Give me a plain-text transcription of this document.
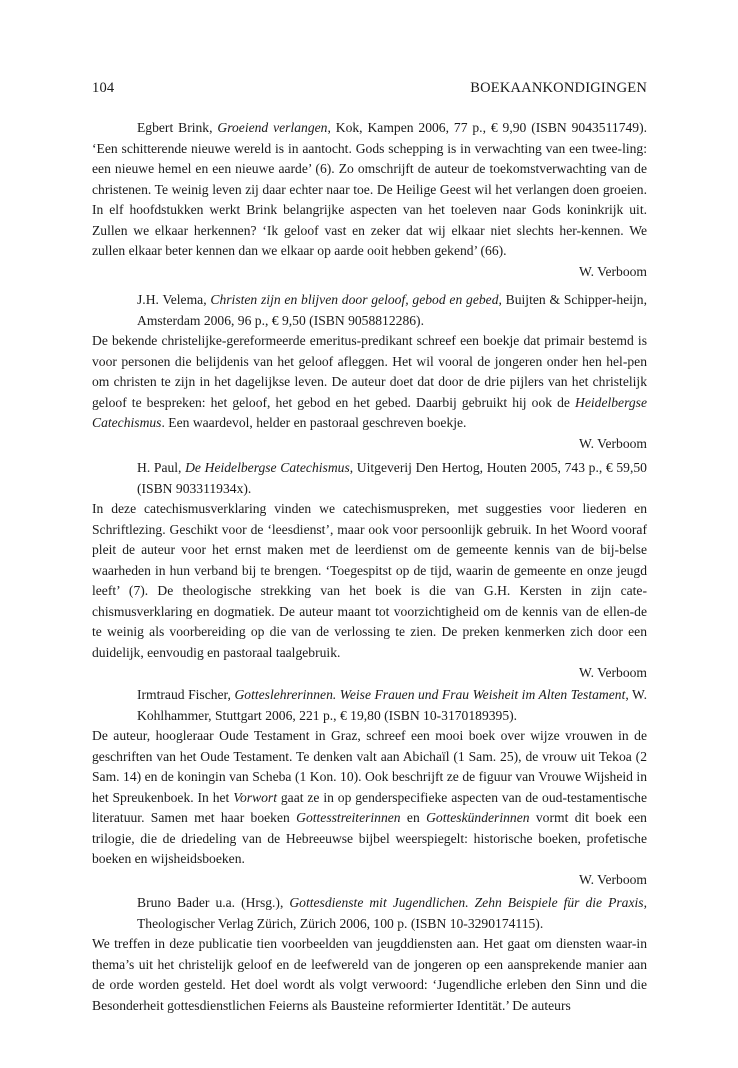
104	BOEKAANKONDIGINGEN
Egbert Brink, Groeiend verlangen, Kok, Kampen 2006, 77 p., € 9,90 (ISBN 9043511749). ‘Een schitterende nieuwe wereld is in aantocht. Gods schepping is in verwachting van een twee-ling: een nieuwe hemel en een nieuwe aarde’ (6). Zo omschrijft de auteur de toekomstverwachting van de christenen. Te weinig leven zij daar echter naar toe. De Heilige Geest wil het verlangen doen groeien. In elf hoofdstukken werkt Brink belangrijke aspecten van het toeleven naar Gods koninkrijk uit. Zullen we elkaar herkennen? ‘Ik geloof vast en zeker dat wij elkaar niet slechts her-kennen. We zullen elkaar beter kennen dan we elkaar op aarde ooit hebben gekend’ (66).
W. Verboom
J.H. Velema, Christen zijn en blijven door geloof, gebod en gebed, Buijten & Schipper-heijn, Amsterdam 2006, 96 p., € 9,50 (ISBN 9058812286).
De bekende christelijke-gereformeerde emeritus-predikant schreef een boekje dat primair bestemd is voor personen die belijdenis van het geloof afleggen. Het wil vooral de jongeren onder hen hel-pen om christen te zijn in het dagelijkse leven. De auteur doet dat door de drie pijlers van het christelijk geloof te bespreken: het geloof, het gebod en het gebed. Daarbij gebruikt hij ook de Heidelbergse Catechismus. Een waardevol, helder en pastoraal geschreven boekje.
W. Verboom
H. Paul, De Heidelbergse Catechismus, Uitgeverij Den Hertog, Houten 2005, 743 p., € 59,50 (ISBN 903311934x).
In deze catechismusverklaring vinden we catechismuspreken, met suggesties voor liederen en Schriftlezing. Geschikt voor de ‘leesdienst’, maar ook voor persoonlijk gebruik. In het Woord vooraf pleit de auteur voor het ernst maken met de leerdienst om de gemeente kennis van de bij-belse waarheden in hun verband bij te brengen. ‘Toegespitst op de tijd, waarin de gemeente en onze jeugd leeft’ (7). De theologische strekking van het boek is die van G.H. Kersten in zijn cate-chismusverklaring en dogmatiek. De auteur maant tot voorzichtigheid om de kennis van de ellen-de te weinig als voorbereiding op die van de verlossing te zien. De preken kenmerken zich door een duidelijk, eenvoudig en pastoraal taalgebruik.
W. Verboom
Irmtraud Fischer, Gotteslehrerinnen. Weise Frauen und Frau Weisheit im Alten Testament, W. Kohlhammer, Stuttgart 2006, 221 p., € 19,80 (ISBN 10-3170189395).
De auteur, hoogleraar Oude Testament in Graz, schreef een mooi boek over wijze vrouwen in de geschriften van het Oude Testament. Te denken valt aan Abichaïl (1 Sam. 25), de vrouw uit Tekoa (2 Sam. 14) en de koningin van Scheba (1 Kon. 10). Ook beschrijft ze de figuur van Vrouwe Wijsheid in het Spreukenboek. In het Vorwort gaat ze in op genderspecifieke aspecten van de oud-testamentische literatuur. Samen met haar boeken Gottesstreiterinnen en Gotteskünderinnen vormt dit boek een trilogie, die de driedeling van de Hebreeuwse bijbel weerspiegelt: historische boeken, profetische boeken en wijsheidsboeken.
W. Verboom
Bruno Bader u.a. (Hrsg.), Gottesdienste mit Jugendlichen. Zehn Beispiele für die Praxis, Theologischer Verlag Zürich, Zürich 2006, 100 p. (ISBN 10-3290174115).
We treffen in deze publicatie tien voorbeelden van jeugddiensten aan. Het gaat om diensten waar-in thema’s uit het christelijk geloof en de leefwereld van de jongeren op een aansprekende manier aan de orde worden gesteld. Het doel wordt als volgt verwoord: ‘Jugendliche erleben den Sinn und die Besonderheit gottesdienstlichen Feierns als Bausteine reformierter Identität.’ De auteurs
